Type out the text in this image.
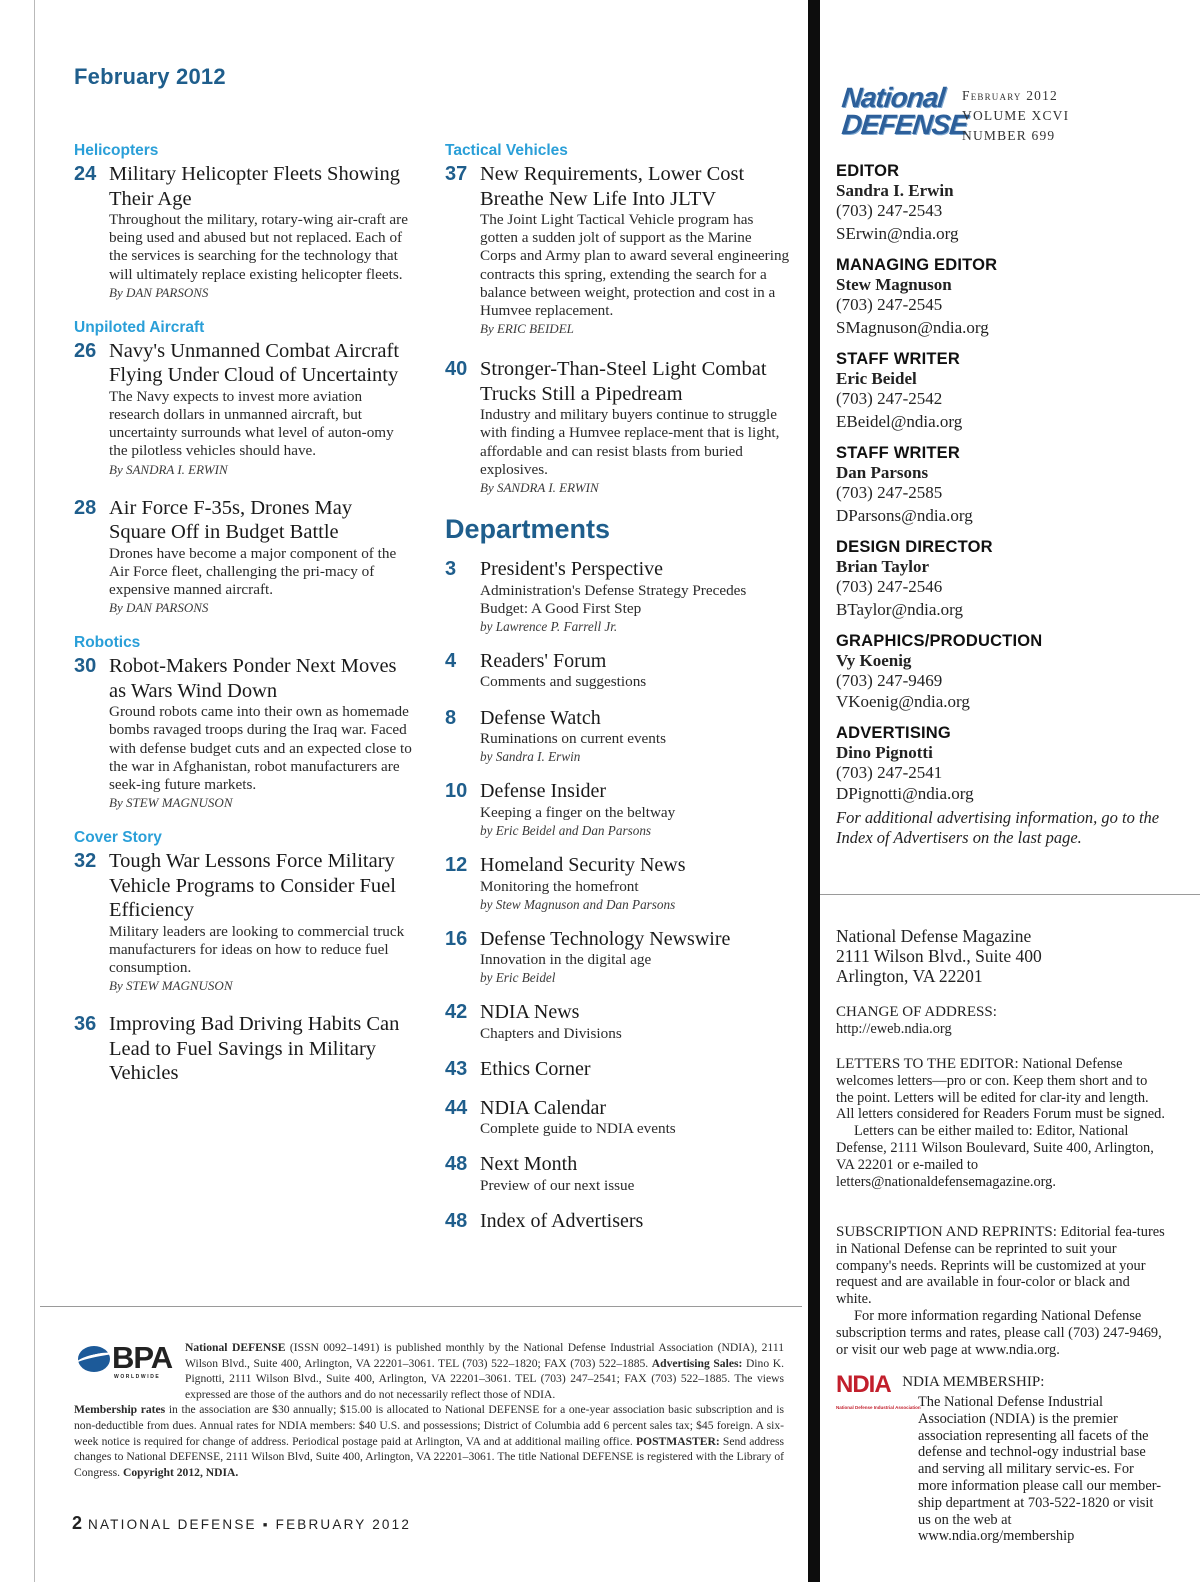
February 2012
Helicopters
24 Military Helicopter Fleets Showing Their Age
Throughout the military, rotary-wing air-craft are being used and abused but not replaced. Each of the services is searching for the technology that will ultimately replace existing helicopter fleets.
By DAN PARSONS
Unpiloted Aircraft
26 Navy's Unmanned Combat Aircraft Flying Under Cloud of Uncertainty
The Navy expects to invest more aviation research dollars in unmanned aircraft, but uncertainty surrounds what level of auton-omy the pilotless vehicles should have.
By SANDRA I. ERWIN
28 Air Force F-35s, Drones May Square Off in Budget Battle
Drones have become a major component of the Air Force fleet, challenging the pri-macy of expensive manned aircraft.
By DAN PARSONS
Robotics
30 Robot-Makers Ponder Next Moves as Wars Wind Down
Ground robots came into their own as homemade bombs ravaged troops during the Iraq war. Faced with defense budget cuts and an expected close to the war in Afghanistan, robot manufacturers are seek-ing future markets.
By STEW MAGNUSON
Cover Story
32 Tough War Lessons Force Military Vehicle Programs to Consider Fuel Efficiency
Military leaders are looking to commercial truck manufacturers for ideas on how to reduce fuel consumption.
By STEW MAGNUSON
36 Improving Bad Driving Habits Can Lead to Fuel Savings in Military Vehicles
Tactical Vehicles
37 New Requirements, Lower Cost Breathe New Life Into JLTV
The Joint Light Tactical Vehicle program has gotten a sudden jolt of support as the Marine Corps and Army plan to award several engineering contracts this spring, extending the search for a balance between weight, protection and cost in a Humvee replacement.
By ERIC BEIDEL
40 Stronger-Than-Steel Light Combat Trucks Still a Pipedream
Industry and military buyers continue to struggle with finding a Humvee replace-ment that is light, affordable and can resist blasts from buried explosives.
By SANDRA I. ERWIN
Departments
3	President's Perspective
Administration's Defense Strategy Precedes Budget: A Good First Step
by Lawrence P. Farrell Jr.
4	Readers' Forum
Comments and suggestions
8	Defense Watch
Ruminations on current events
by Sandra I. Erwin
10 Defense Insider
Keeping a finger on the beltway
by Eric Beidel and Dan Parsons
12 Homeland Security News
Monitoring the homefront
by Stew Magnuson and Dan Parsons
16 Defense Technology Newswire
Innovation in the digital age
by Eric Beidel
42 NDIA News
Chapters and Divisions
43 Ethics Corner
44 NDIA Calendar
Complete guide to NDIA events
48 Next Month
Preview of our next issue
48 Index of Advertisers
National
DEFENSE
February 2012
VOLUME XCVI
NUMBER 699
EDITOR
Sandra I. Erwin
(703) 247-2543
SErwin@ndia.org
MANAGING EDITOR
Stew Magnuson
(703) 247-2545
SMagnuson@ndia.org
STAFF WRITER
Eric Beidel
(703) 247-2542
EBeidel@ndia.org
STAFF WRITER
Dan Parsons
(703) 247-2585
DParsons@ndia.org
DESIGN DIRECTOR
Brian Taylor
(703) 247-2546
BTaylor@ndia.org
GRAPHICS/PRODUCTION
Vy Koenig
(703) 247-9469
VKoenig@ndia.org
ADVERTISING
Dino Pignotti
(703) 247-2541
DPignotti@ndia.org
For additional advertising information, go to the Index of Advertisers on the last page.
National Defense Magazine
2111 Wilson Blvd., Suite 400
Arlington, VA 22201
CHANGE OF ADDRESS:
http://eweb.ndia.org
LETTERS TO THE EDITOR: National Defense welcomes letters—pro or con. Keep them short and to the point. Letters will be edited for clar-ity and length. All letters considered for Readers Forum must be signed.
Letters can be either mailed to: Editor, National Defense, 2111 Wilson Boulevard, Suite 400, Arlington, VA 22201 or e-mailed to letters@nationaldefensemagazine.org.
SUBSCRIPTION AND REPRINTS: Editorial fea-tures in National Defense can be reprinted to suit your company's needs. Reprints will be customized at your request and are available in four-color or black and white.
For more information regarding National Defense subscription terms and rates, please call (703) 247-9469, or visit our web page at www.ndia.org.
NDIA
National Defense Industrial Association
NDIA MEMBERSHIP:
The National Defense Industrial Association (NDIA) is the premier association representing all facets of the defense and technol-ogy industrial base and serving all military servic-es. For more information please call our member-ship department at 703-522-1820 or visit us on the web at www.ndia.org/membership
BPA
WORLDWIDE
National DEFENSE (ISSN 0092–1491) is published monthly by the National Defense Industrial Association (NDIA), 2111 Wilson Blvd., Suite 400, Arlington, VA 22201–3061. TEL (703) 522–1820; FAX (703) 522–1885. Advertising Sales: Dino K. Pignotti, 2111 Wilson Blvd., Suite 400, Arlington, VA 22201–3061. TEL (703) 247–2541; FAX (703) 522–1885. The views expressed are those of the authors and do not necessarily reflect those of NDIA.
Membership rates in the association are $30 annually; $15.00 is allocated to National DEFENSE for a one-year association basic subscription and is non-deductible from dues. Annual rates for NDIA members: $40 U.S. and possessions; District of Columbia add 6 percent sales tax; $45 foreign. A six-week notice is required for change of address. Periodical postage paid at Arlington, VA and at additional mailing office. POSTMASTER: Send address changes to National DEFENSE, 2111 Wilson Blvd, Suite 400, Arlington, VA 22201–3061. The title National DEFENSE is registered with the Library of Congress. Copyright 2012, NDIA.
2 NATIONAL DEFENSE ▪ FEBRUARY 2012
